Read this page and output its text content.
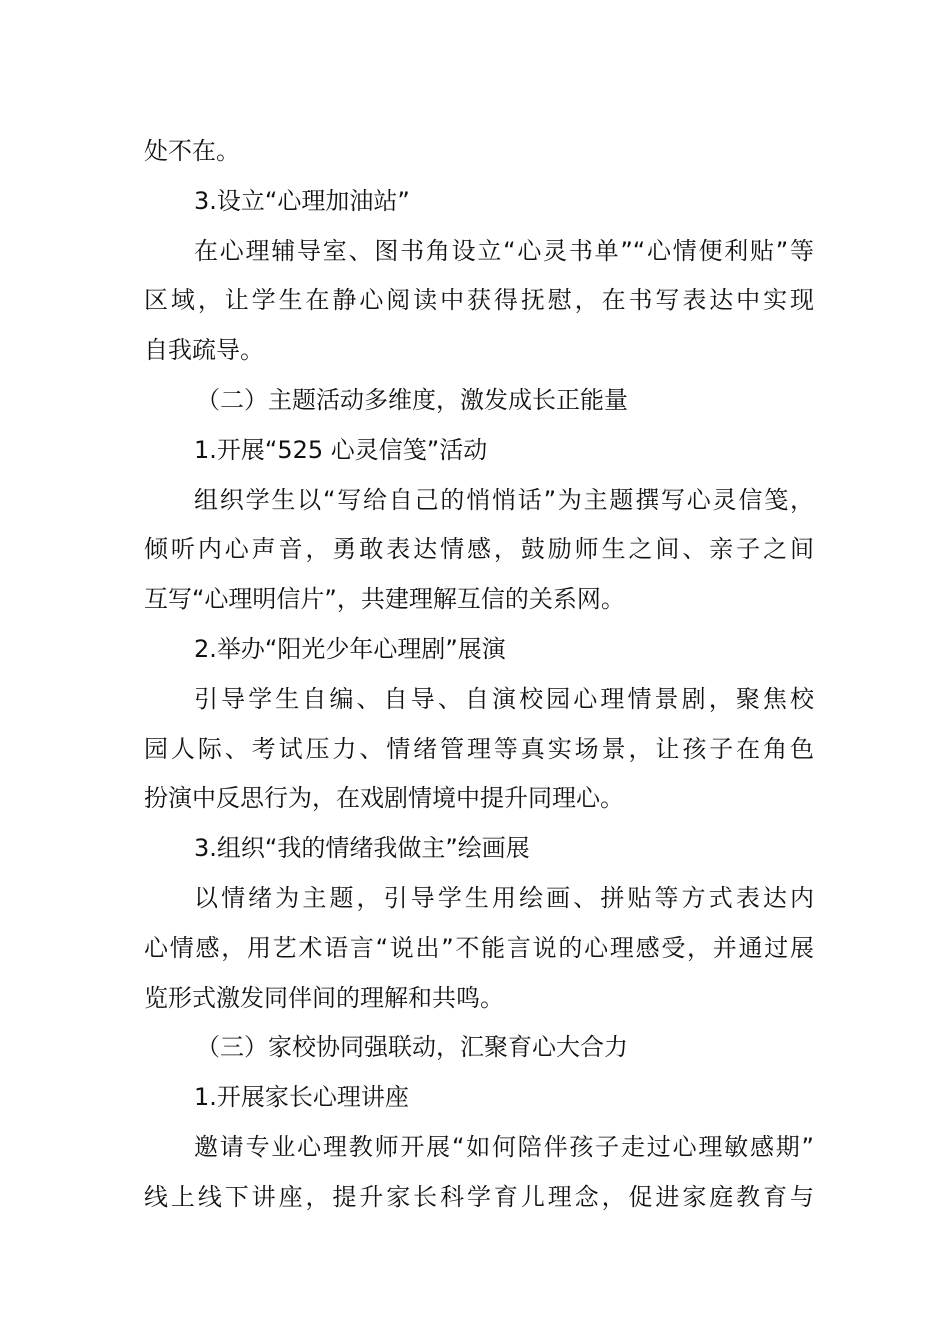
处不在。
3.设立“心理加油站”
在心理辅导室、图书角设立“心灵书单”“心情便利贴”等
区域，让学生在静心阅读中获得抚慰，在书写表达中实现
自我疏导。
（二）主题活动多维度，激发成长正能量
1.开展“525 心灵信笺”活动
组织学生以“写给自己的悄悄话”为主题撰写心灵信笺，
倾听内心声音，勇敢表达情感，鼓励师生之间、亲子之间
互写“心理明信片”，共建理解互信的关系网。
2.举办“阳光少年心理剧”展演
引导学生自编、自导、自演校园心理情景剧，聚焦校
园人际、考试压力、情绪管理等真实场景，让孩子在角色
扮演中反思行为，在戏剧情境中提升同理心。
3.组织“我的情绪我做主”绘画展
以情绪为主题，引导学生用绘画、拼贴等方式表达内
心情感，用艺术语言“说出”不能言说的心理感受，并通过展
览形式激发同伴间的理解和共鸣。
（三）家校协同强联动，汇聚育心大合力
1.开展家长心理讲座
邀请专业心理教师开展“如何陪伴孩子走过心理敏感期”
线上线下讲座，提升家长科学育儿理念，促进家庭教育与
